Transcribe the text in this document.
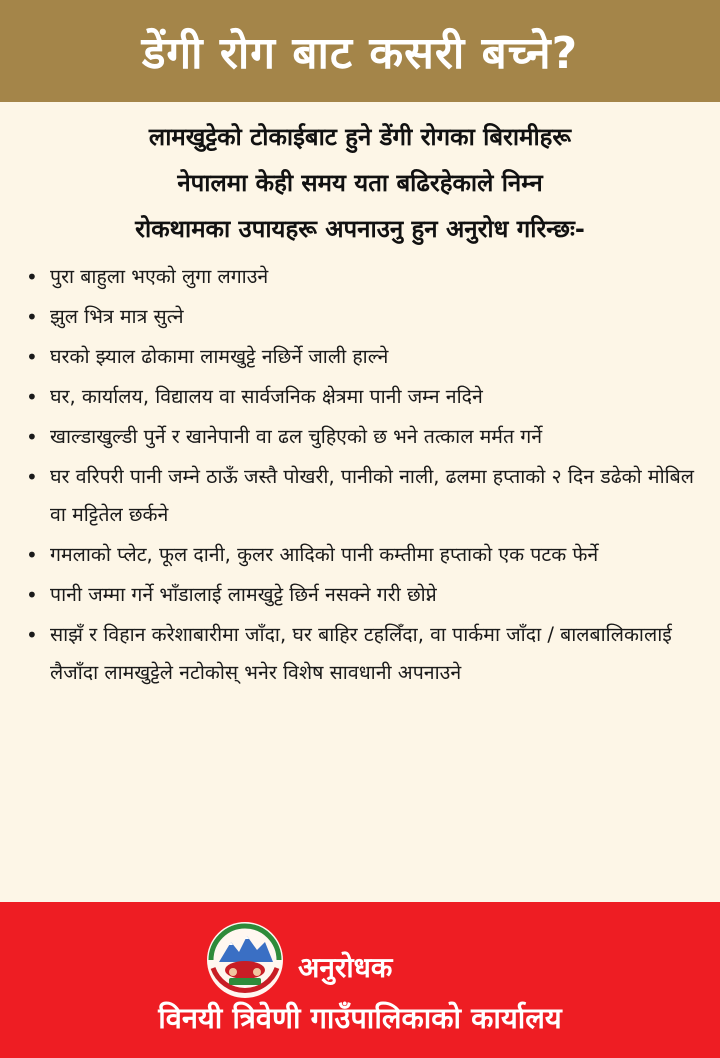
डेंगी रोग बाट कसरी बच्ने?
लामखुट्टेको टोकाईबाट हुने डेंगी रोगका बिरामीहरू
नेपालमा केही समय यता बढिरहेकाले निम्न
रोकथामका उपायहरू अपनाउनु हुन अनुरोध गरिन्छः-
• पुरा बाहुला भएको लुगा लगाउने
• झुल भित्र मात्र सुत्ने
• घरको झ्याल ढोकामा लामखुट्टे नछिर्ने जाली हाल्ने
• घर, कार्यालय, विद्यालय वा सार्वजनिक क्षेत्रमा पानी जम्न नदिने
• खाल्डाखुल्डी पुर्ने र खानेपानी वा ढल चुहिएको छ भने तत्काल मर्मत गर्ने
• घर वरिपरी पानी जम्ने ठाऊँ जस्तै पोखरी, पानीको नाली, ढलमा हप्ताको २ दिन डढेको मोबिल वा मट्टितेल छर्कने
• गमलाको प्लेट, फूल दानी, कुलर आदिको पानी कम्तीमा हप्ताको एक पटक फेर्ने
• पानी जम्मा गर्ने भाँडालाई लामखुट्टे छिर्न नसक्ने गरी छोप्ने
• साझँ र विहान करेशाबारीमा जाँदा, घर बाहिर टहलिँदा, वा पार्कमा जाँदा / बालबालिकालाई लैजाँदा लामखुट्टेले नटोकोस् भनेर विशेष सावधानी अपनाउने
अनुरोधक
विनयी त्रिवेणी गाउँपालिकाको कार्यालय
